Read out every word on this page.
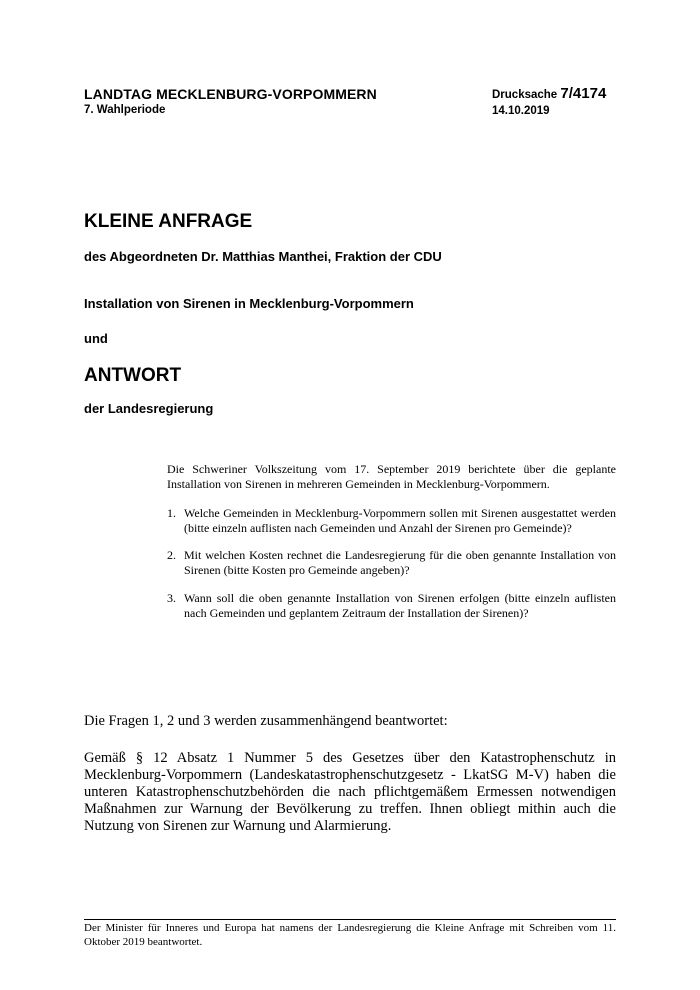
LANDTAG MECKLENBURG-VORPOMMERN
7. Wahlperiode
Drucksache 7/4174
14.10.2019
KLEINE ANFRAGE
des Abgeordneten Dr. Matthias Manthei, Fraktion der CDU
Installation von Sirenen in Mecklenburg-Vorpommern
und
ANTWORT
der Landesregierung

Die Schweriner Volkszeitung vom 17. September 2019 berichtete über die geplante Installation von Sirenen in mehreren Gemeinden in Mecklenburg-Vorpommern.

1. Welche Gemeinden in Mecklenburg-Vorpommern sollen mit Sirenen ausgestattet werden (bitte einzeln auflisten nach Gemeinden und Anzahl der Sirenen pro Gemeinde)?
2. Mit welchen Kosten rechnet die Landesregierung für die oben genannte Installation von Sirenen (bitte Kosten pro Gemeinde angeben)?
3. Wann soll die oben genannte Installation von Sirenen erfolgen (bitte einzeln auflisten nach Gemeinden und geplantem Zeitraum der Installation der Sirenen)?
Die Fragen 1, 2 und 3 werden zusammenhängend beantwortet:

Gemäß § 12 Absatz 1 Nummer 5 des Gesetzes über den Katastrophenschutz in Mecklenburg-Vorpommern (Landeskatastrophenschutzgesetz - LkatSG M-V) haben die unteren Katastrophenschutzbehörden die nach pflichtgemäßem Ermessen notwendigen Maßnahmen zur Warnung der Bevölkerung zu treffen. Ihnen obliegt mithin auch die Nutzung von Sirenen zur Warnung und Alarmierung.

Der Minister für Inneres und Europa hat namens der Landesregierung die Kleine Anfrage mit Schreiben vom 11. Oktober 2019 beantwortet.
